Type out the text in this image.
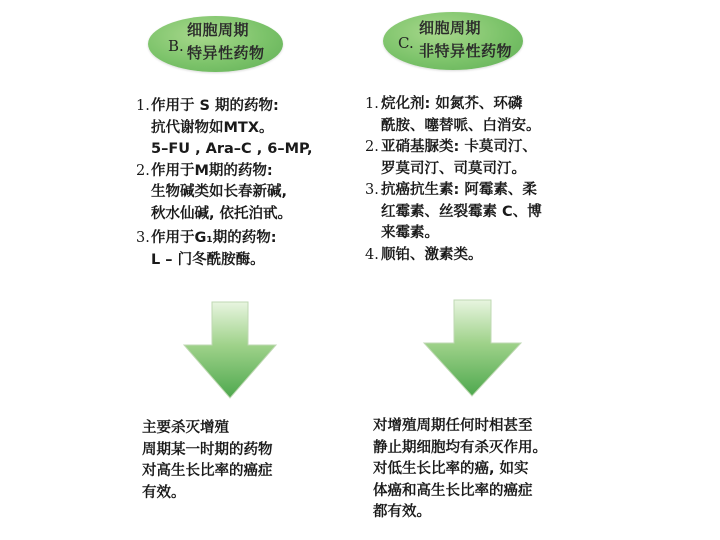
B.
细胞周期
特异性药物
1. 作用于 S 期的药物:
抗代谢物如MTX。
5–FU , Ara–C , 6–MP,
2. 作用于M期的药物:
生物碱类如长春新碱,
秋水仙碱, 依托泊甙。
3. 作用于G₁期的药物:
L – 门冬酰胺酶。
主要杀灭增殖
周期某一时期的药物
对高生长比率的癌症
有效。
C.
细胞周期
非特异性药物
1. 烷化剂: 如氮芥、环磷
酰胺、噻替哌、白消安。
2. 亚硝基脲类: 卡莫司汀、
罗莫司汀、司莫司汀。
3. 抗癌抗生素: 阿霉素、柔
红霉素、丝裂霉素 C、博
来霉素。
4. 顺铂、激素类。
对增殖周期任何时相甚至
静止期细胞均有杀灭作用。
对低生长比率的癌, 如实
体癌和高生长比率的癌症
都有效。
